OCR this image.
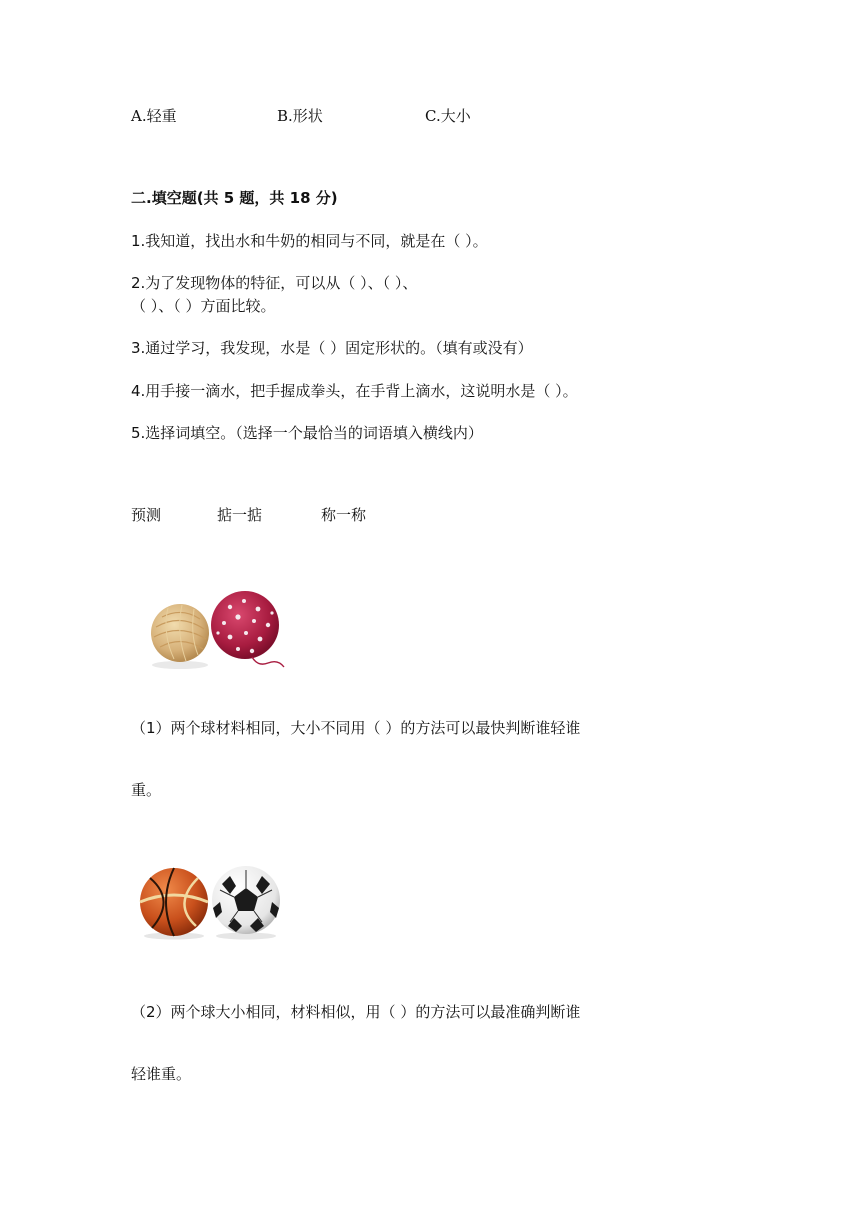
A.轻重	B.形状	C.大小
二.填空题(共 5 题，共 18 分)
1.我知道，找出水和牛奶的相同与不同，就是在（ ）。
2.为了发现物体的特征，可以从（ ）、（ ）、
（ ）、（ ）方面比较。
3.通过学习，我发现，水是（ ）固定形状的。（填有或没有）
4.用手接一滴水，把手握成拳头，在手背上滴水，这说明水是（ ）。
5.选择词填空。（选择一个最恰当的词语填入横线内）
预测	掂一掂	称一称
（1）两个球材料相同，大小不同用（ ）的方法可以最快判断谁轻谁
重。
（2）两个球大小相同，材料相似，用（ ）的方法可以最准确判断谁
轻谁重。
